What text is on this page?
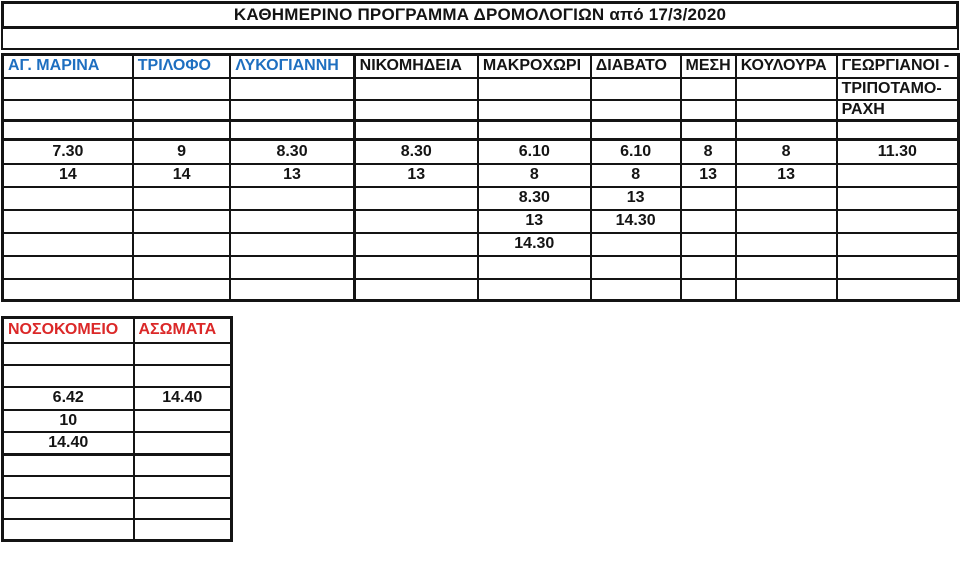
ΚΑΘΗΜΕΡΙΝΟ ΠΡΟΓΡΑΜΜΑ ΔΡΟΜΟΛΟΓΙΩΝ από 17/3/2020
ΑΓ. ΜΑΡΙΝΑ	ΤΡΙΛΟΦΟ	ΛΥΚΟΓΙΑΝΝΗ	ΝΙΚΟΜΗΔΕΙΑ	ΜΑΚΡΟΧΩΡΙ	ΔΙΑΒΑΤΟ	ΜΕΣΗ	ΚΟΥΛΟΥΡΑ	ΓΕΩΡΓΙΑΝΟΙ -
								ΤΡΙΠΟΤΑΜΟ-
								ΡΑΧΗ

7.30	9	8.30	8.30	6.10	6.10	8	8	11.30
14	14	13	13	8	8	13	13	
				8.30	13			
				13	14.30			
				14.30				

ΝΟΣΟΚΟΜΕΙΟ	ΑΣΩΜΑΤΑ

6.42	14.40
10	
14.40	
